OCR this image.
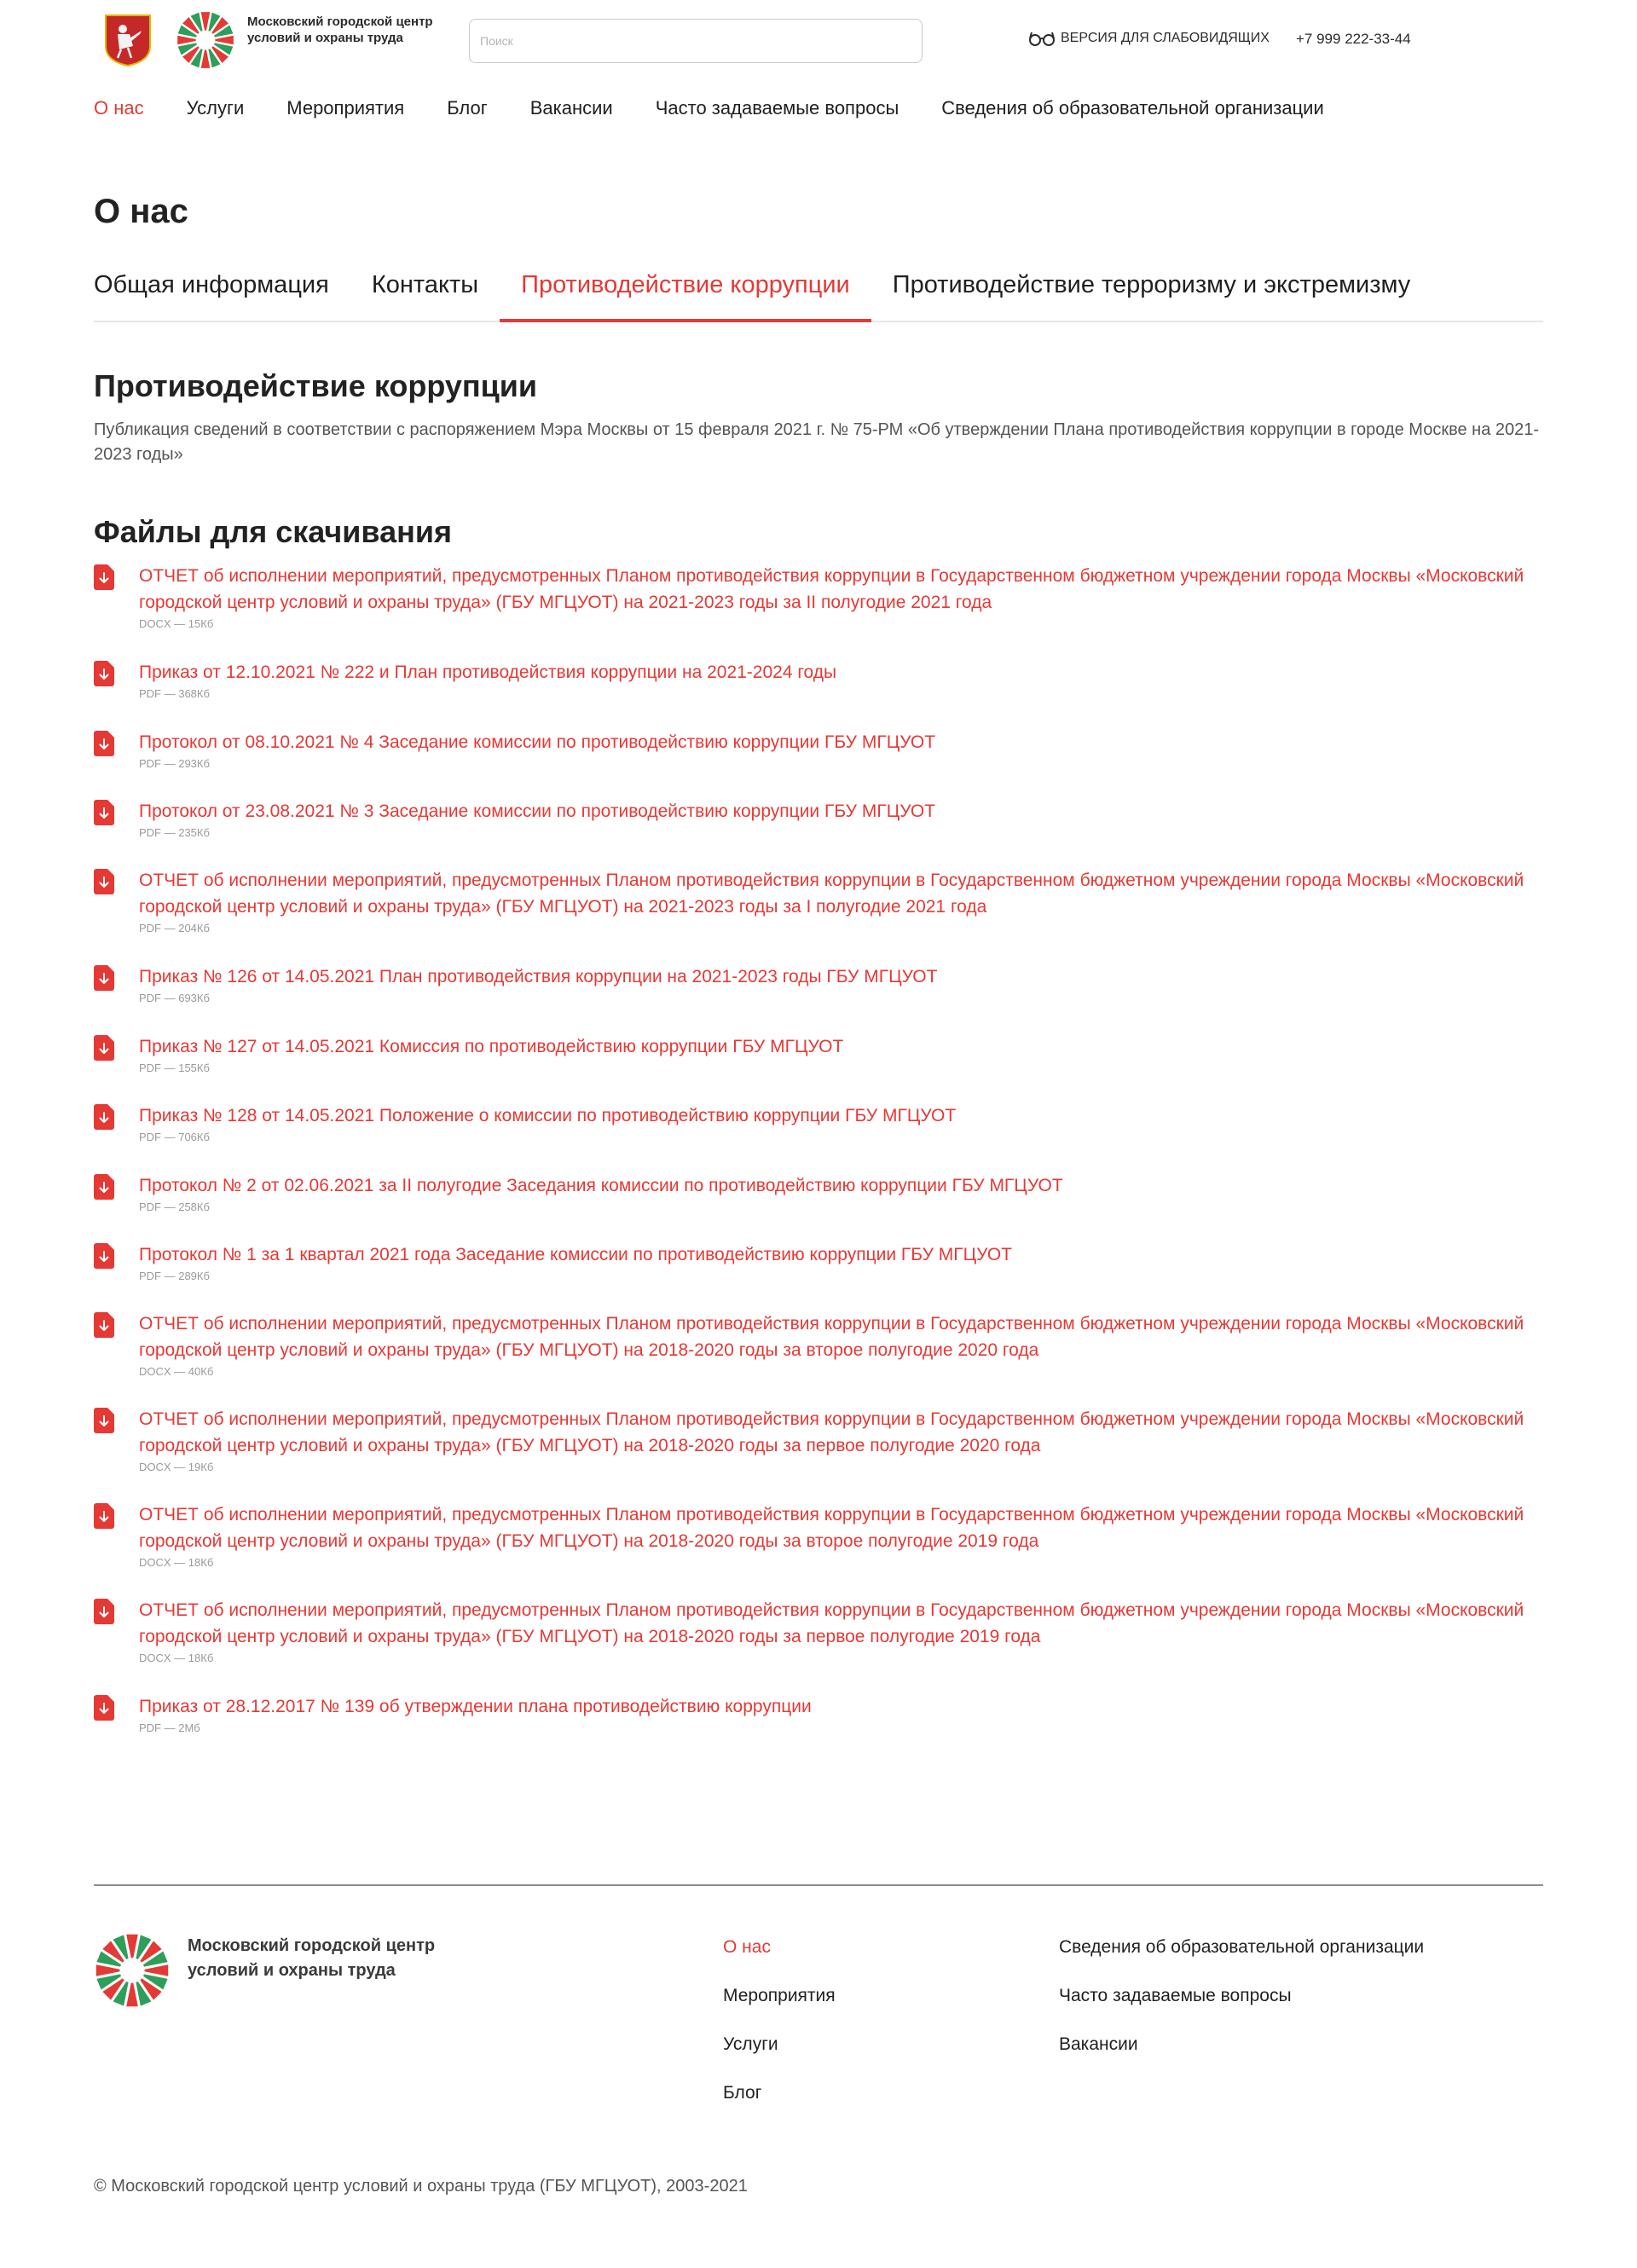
Московский городской центр условий и охраны труда
Поиск	ВЕРСИЯ ДЛЯ СЛАБОВИДЯЩИХ +7 999 222-33-44
О нас Услуги Мероприятия Блог Вакансии Часто задаваемые вопросы Сведения об образовательной организации
О нас
Общая информация	Контакты	Противодействие коррупции	Противодействие терроризму и экстремизму
Противодействие коррупции

Публикация сведений в соответствии с распоряжением Мэра Москвы от 15 февраля 2021 г. № 75-РМ «Об утверждении Плана противодействия коррупции в городе Москве на 2021-2023 годы»

Файлы для скачивания
ОТЧЕТ об исполнении мероприятий, предусмотренных Планом противодействия коррупции в Государственном бюджетном учреждении города Москвы «Московский городской центр условий и охраны труда» (ГБУ МГЦУОТ) на 2021-2023 годы за II полугодие 2021 года
DOCX — 15Кб
Приказ от 12.10.2021 № 222 и План противодействия коррупции на 2021-2024 годы
PDF — 368Кб
Протокол от 08.10.2021 № 4 Заседание комиссии по противодействию коррупции ГБУ МГЦУОТ
PDF — 293Кб
Протокол от 23.08.2021 № 3 Заседание комиссии по противодействию коррупции ГБУ МГЦУОТ
PDF — 235Кб
ОТЧЕТ об исполнении мероприятий, предусмотренных Планом противодействия коррупции в Государственном бюджетном учреждении города Москвы «Московский городской центр условий и охраны труда» (ГБУ МГЦУОТ) на 2021-2023 годы за I полугодие 2021 года
PDF — 204Кб
Приказ № 126 от 14.05.2021 План противодействия коррупции на 2021-2023 годы ГБУ МГЦУОТ
PDF — 693Кб
Приказ № 127 от 14.05.2021 Комиссия по противодействию коррупции ГБУ МГЦУОТ
PDF — 155Кб
Приказ № 128 от 14.05.2021 Положение о комиссии по противодействию коррупции ГБУ МГЦУОТ
PDF — 706Кб
Протокол № 2 от 02.06.2021 за II полугодие Заседания комиссии по противодействию коррупции ГБУ МГЦУОТ
PDF — 258Кб
Протокол № 1 за 1 квартал 2021 года Заседание комиссии по противодействию коррупции ГБУ МГЦУОТ
PDF — 289Кб
ОТЧЕТ об исполнении мероприятий, предусмотренных Планом противодействия коррупции в Государственном бюджетном учреждении города Москвы «Московский городской центр условий и охраны труда» (ГБУ МГЦУОТ) на 2018-2020 годы за второе полугодие 2020 года
DOCX — 40Кб
ОТЧЕТ об исполнении мероприятий, предусмотренных Планом противодействия коррупции в Государственном бюджетном учреждении города Москвы «Московский городской центр условий и охраны труда» (ГБУ МГЦУОТ) на 2018-2020 годы за первое полугодие 2020 года
DOCX — 19Кб
ОТЧЕТ об исполнении мероприятий, предусмотренных Планом противодействия коррупции в Государственном бюджетном учреждении города Москвы «Московский городской центр условий и охраны труда» (ГБУ МГЦУОТ) на 2018-2020 годы за второе полугодие 2019 года
DOCX — 18Кб
ОТЧЕТ об исполнении мероприятий, предусмотренных Планом противодействия коррупции в Государственном бюджетном учреждении города Москвы «Московский городской центр условий и охраны труда» (ГБУ МГЦУОТ) на 2018-2020 годы за первое полугодие 2019 года
DOCX — 18Кб
Приказ от 28.12.2017 № 139 об утверждении плана противодействию коррупции
PDF — 2Мб
Московский городской центр условий и охраны труда
О нас
Мероприятия
Услуги
Блог
Сведения об образовательной организации
Часто задаваемые вопросы
Вакансии
© Московский городской центр условий и охраны труда (ГБУ МГЦУОТ), 2003-2021
